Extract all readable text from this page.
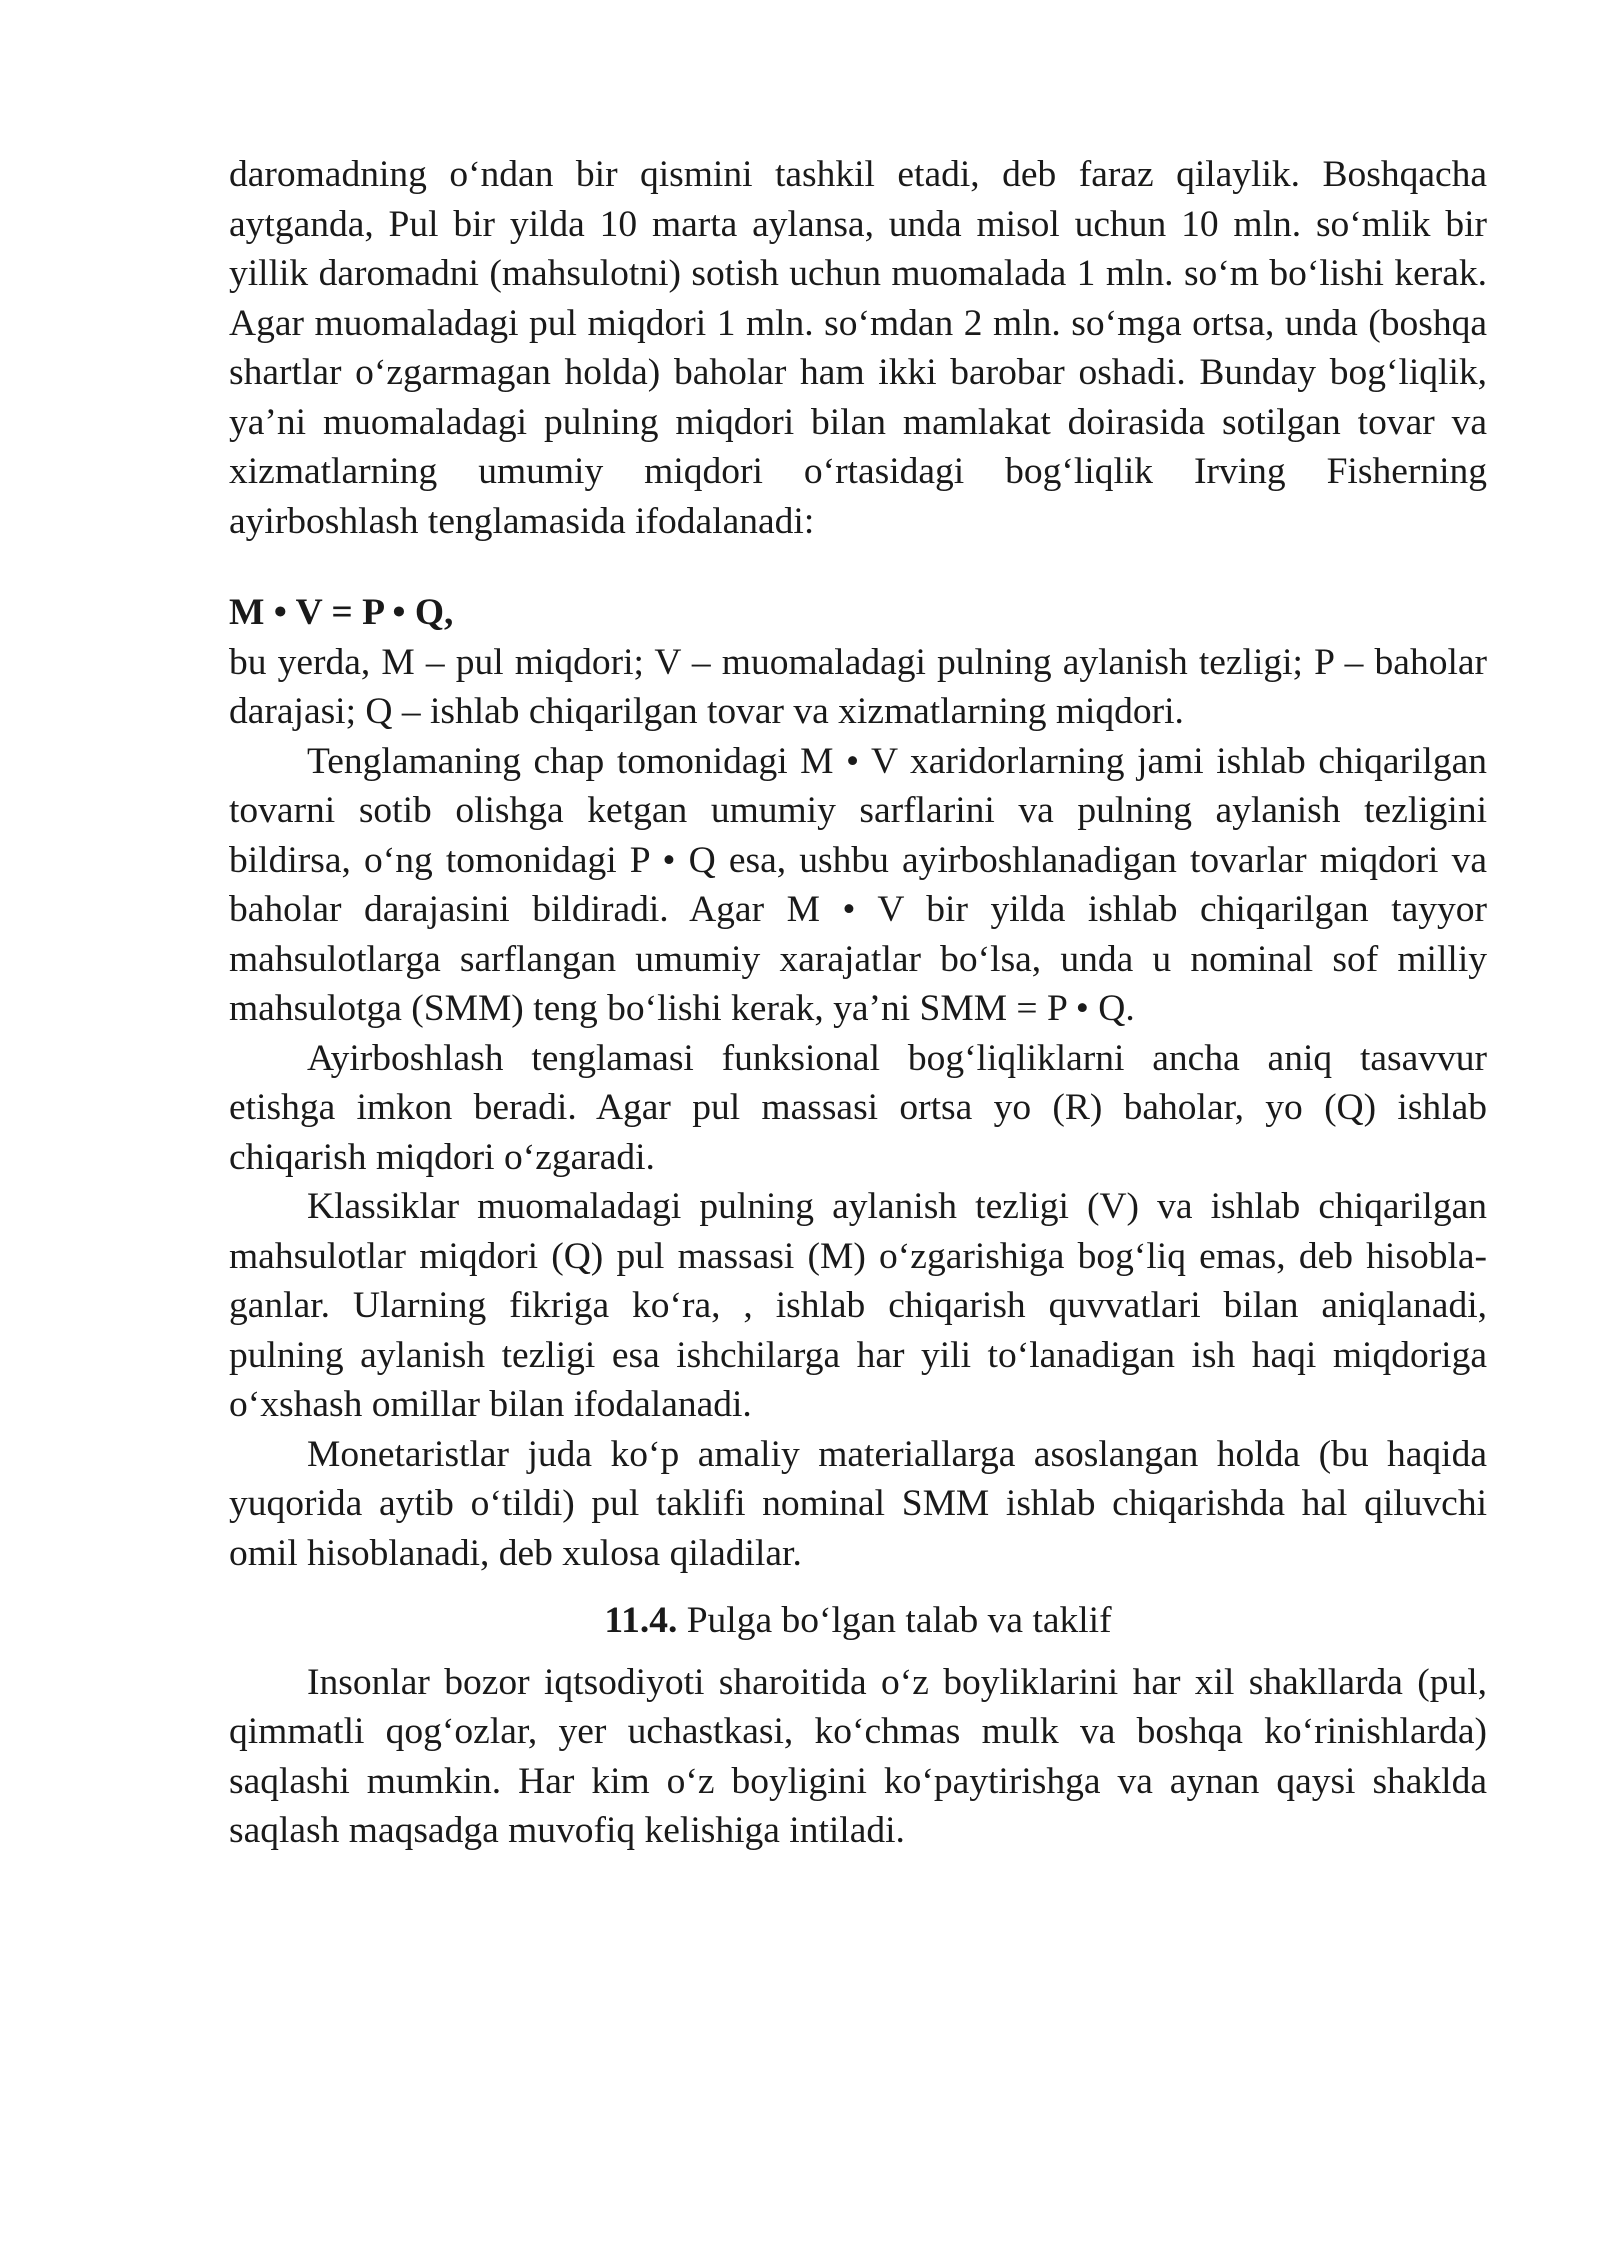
daromadning o‘ndan bir qismini tashkil etadi, deb faraz qilaylik. Boshqacha aytganda, Pul bir yilda 10 marta aylansa, unda misol uchun 10 mln. so‘mlik bir yillik daromadni (mahsulotni) sotish uchun muomalada 1 mln. so‘m bo‘lishi kerak. Agar muomaladagi pul miqdori 1 mln. so‘mdan 2 mln. so‘mga ortsa, unda (boshqa shartlar o‘zgarmagan holda) baholar ham ikki barobar oshadi. Bunday bog‘liqlik, ya’ni muomaladagi pulning miqdori bilan mamlakat doirasida sotilgan tovar va xizmatlarning umumiy miqdori o‘rtasidagi bog‘liqlik Irving Fisherning ayirboshlash tenglamasida ifodalanadi:

M • V = P • Q,

bu yerda, M – pul miqdori; V – muomaladagi pulning aylanish tezligi; P – baholar darajasi; Q – ishlab chiqarilgan tovar va xizmatlarning miqdori.

Tenglamaning chap tomonidagi M • V xaridorlarning jami ishlab chiqarilgan tovarni sotib olishga ketgan umumiy sarflarini va pulning aylanish tezligini bildirsa, o‘ng tomonidagi P • Q esa, ushbu ayirboshlanadigan tovarlar miqdori va baholar darajasini bildiradi. Agar M • V bir yilda ishlab chiqarilgan tayyor mahsulotlarga sarflangan umumiy xarajatlar bo‘lsa, unda u nominal sof milliy mahsulotga (SMM) teng bo‘lishi kerak, ya’ni SMM = P • Q.

Ayirboshlash tenglamasi funksional bog‘liqliklarni ancha aniq tasavvur etishga imkon beradi. Agar pul massasi ortsa yo (R) baholar, yo (Q) ishlab chiqarish miqdori o‘zgaradi.

Klassiklar muomaladagi pulning aylanish tezligi (V) va ishlab chiqarilgan mahsulotlar miqdori (Q) pul massasi (M) o‘zgarishiga bog‘liq emas, deb hisobla-ganlar. Ularning fikriga ko‘ra, , ishlab chiqarish quvvatlari bilan aniqlanadi, pulning aylanish tezligi esa ishchilarga har yili to‘lanadigan ish haqi miqdoriga o‘xshash omillar bilan ifodalanadi.

Monetaristlar juda ko‘p amaliy materiallarga asoslangan holda (bu haqida yuqorida aytib o‘tildi) pul taklifi nominal SMM ishlab chiqarishda hal qiluvchi omil hisoblanadi, deb xulosa qiladilar.

11.4. Pulga bo‘lgan talab va taklif

Insonlar bozor iqtsodiyoti sharoitida o‘z boyliklarini har xil shakllarda (pul, qimmatli qog‘ozlar, yer uchastkasi, ko‘chmas mulk va boshqa ko‘rinishlarda) saqlashi mumkin. Har kim o‘z boyligini ko‘paytirishga va aynan qaysi shaklda saqlash maqsadga muvofiq kelishiga intiladi.
